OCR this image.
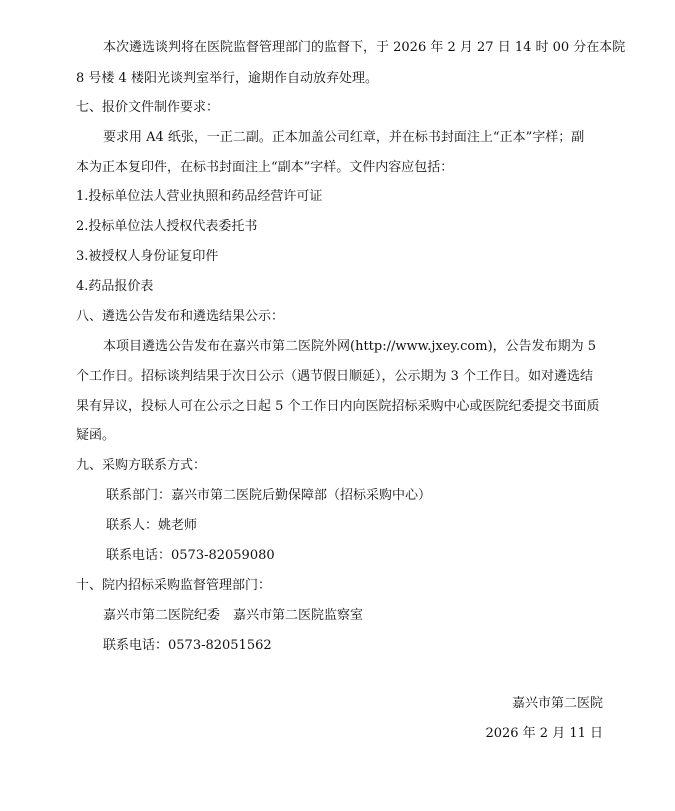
本次遴选谈判将在医院监督管理部门的监督下，于 2026 年 2 月 27 日 14 时 00 分在本院
8 号楼 4 楼阳光谈判室举行，逾期作自动放弃处理。
七、报价文件制作要求：
要求用 A4 纸张，一正二副。正本加盖公司红章，并在标书封面注上“正本”字样；副
本为正本复印件，在标书封面注上“副本”字样。文件内容应包括：
1.投标单位法人营业执照和药品经营许可证
2.投标单位法人授权代表委托书
3.被授权人身份证复印件
4.药品报价表
八、遴选公告发布和遴选结果公示：
本项目遴选公告发布在嘉兴市第二医院外网(http://www.jxey.com)，公告发布期为 5
个工作日。招标谈判结果于次日公示（遇节假日顺延），公示期为 3 个工作日。如对遴选结
果有异议，投标人可在公示之日起 5 个工作日内向医院招标采购中心或医院纪委提交书面质
疑函。
九、采购方联系方式：
联系部门：嘉兴市第二医院后勤保障部（招标采购中心）
联系人：姚老师
联系电话：0573-82059080
十、院内招标采购监督管理部门：
嘉兴市第二医院纪委　嘉兴市第二医院监察室
联系电话：0573-82051562
嘉兴市第二医院
2026 年 2 月 11 日
